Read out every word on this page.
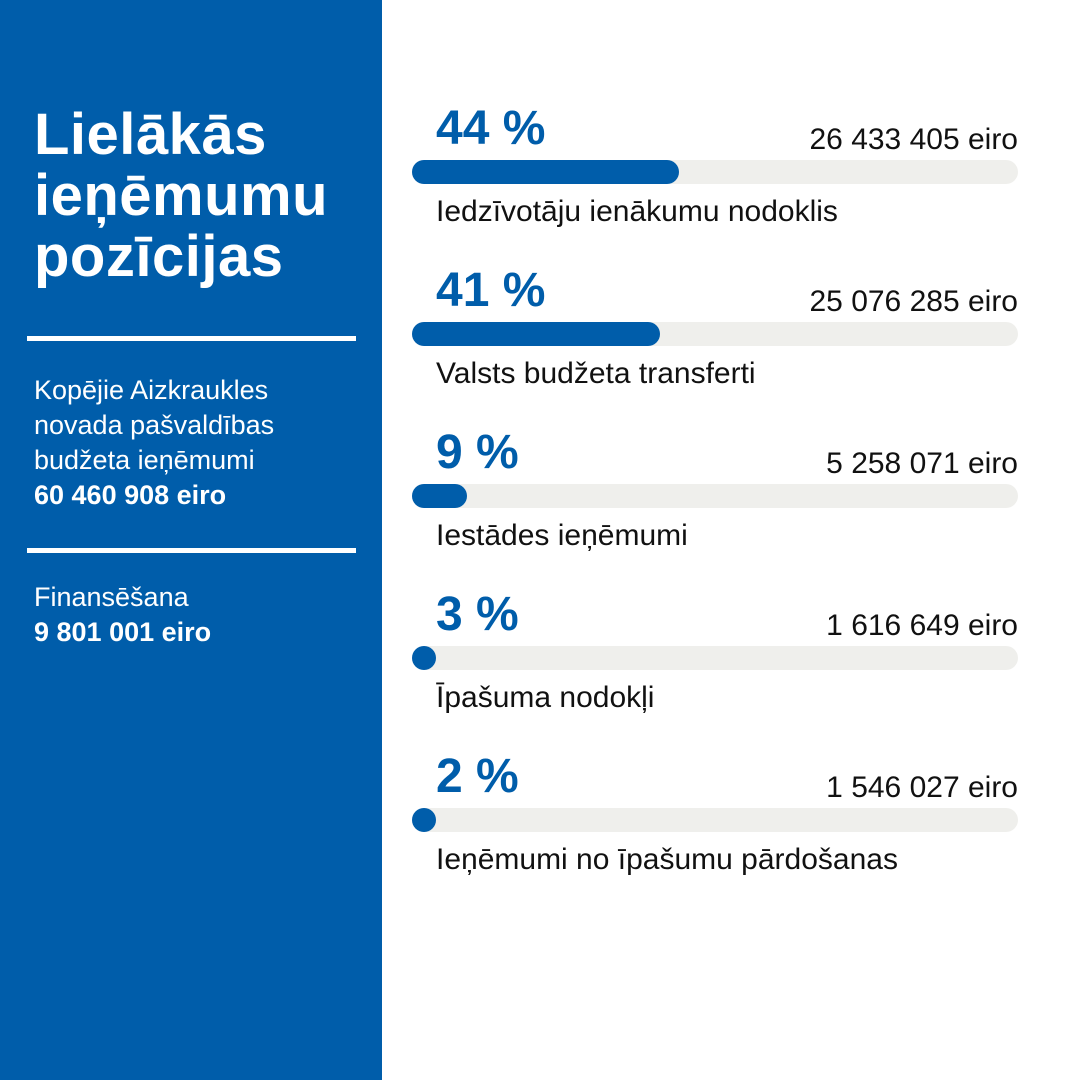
Lielākās
ieņēmumu
pozīcijas
Kopējie Aizkraukles
novada pašvaldības
budžeta ieņēmumi
60 460 908 eiro
Finansēšana
9 801 001 eiro
44 %	26 433 405 eiro
Iedzīvotāju ienākumu nodoklis
41 %	25 076 285 eiro
Valsts budžeta transferti
9 %	5 258 071 eiro
Iestādes ieņēmumi
3 %	1 616 649 eiro
Īpašuma nodokļi
2 %	1 546 027 eiro
Ieņēmumi no īpašumu pārdošanas
